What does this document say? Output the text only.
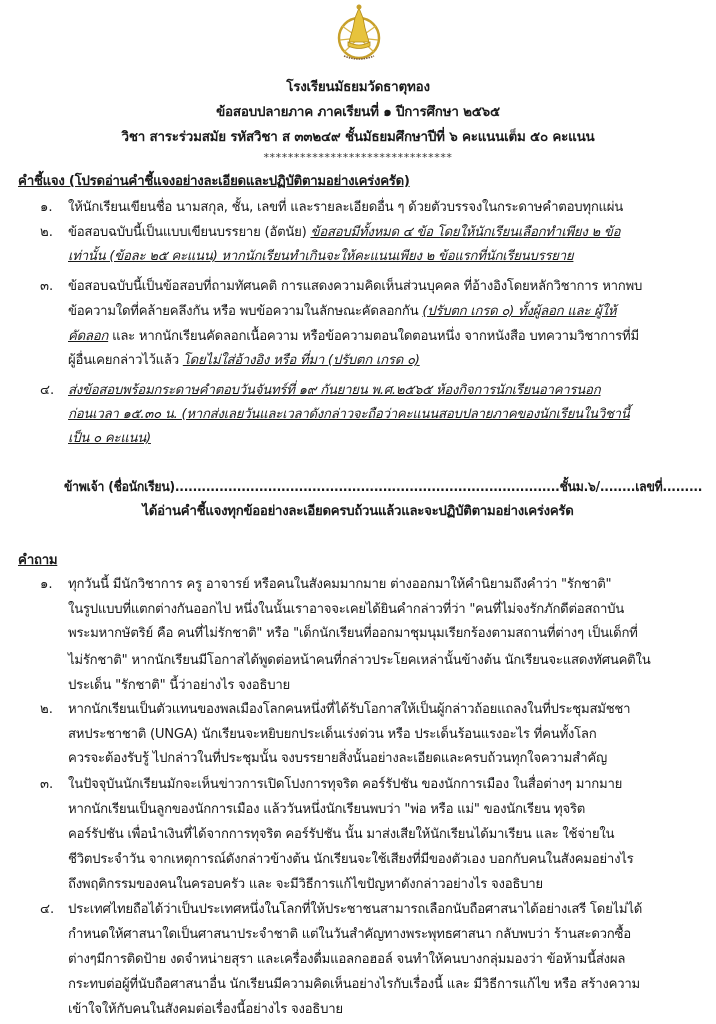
โรงเรียนมัธยมวัดธาตุทอง
ข้อสอบปลายภาค ภาคเรียนที่ ๑ ปีการศึกษา ๒๕๖๕
วิชา สาระร่วมสมัย รหัสวิชา ส ๓๓๒๔๙ ชั้นมัธยมศึกษาปีที่ ๖ คะแนนเต็ม ๕๐ คะแนน
*******************************
คำชี้แจง (โปรดอ่านคำชี้แจงอย่างละเอียดและปฏิบัติตามอย่างเคร่งครัด)
๑. ให้นักเรียนเขียนชื่อ นามสกุล, ชั้น, เลขที่ และรายละเอียดอื่น ๆ ด้วยตัวบรรจงในกระดาษคำตอบทุกแผ่น
๒. ข้อสอบฉบับนี้เป็นแบบเขียนบรรยาย (อัตนัย) ข้อสอบมีทั้งหมด ๔ ข้อ โดยให้นักเรียนเลือกทำเพียง ๒ ข้อ
เท่านั้น (ข้อละ ๒๕ คะแนน) หากนักเรียนทำเกินจะให้คะแนนเพียง ๒ ข้อแรกที่นักเรียนบรรยาย
๓. ข้อสอบฉบับนี้เป็นข้อสอบที่ถามทัศนคติ การแสดงความคิดเห็นส่วนบุคคล ที่อ้างอิงโดยหลักวิชาการ หากพบ
ข้อความใดที่คล้ายคลึงกัน หรือ พบข้อความในลักษณะคัดลอกกัน (ปรับตก เกรด ๐) ทั้งผู้ลอก และ ผู้ให้
คัดลอก และ หากนักเรียนคัดลอกเนื้อความ หรือข้อความตอนใดตอนหนึ่ง จากหนังสือ บทความวิชาการที่มี
ผู้อื่นเคยกล่าวไว้แล้ว โดยไม่ใส่อ้างอิง หรือ ที่มา (ปรับตก เกรด ๐)
๔. ส่งข้อสอบพร้อมกระดาษคำตอบวันจันทร์ที่ ๑๙ กันยายน พ.ศ.๒๕๖๕ ห้องกิจการนักเรียนอาคารนอก
ก่อนเวลา ๑๕.๓๐ น. (หากส่งเลยวันและเวลาดังกล่าวจะถือว่าคะแนนสอบปลายภาคของนักเรียนในวิชานี้
เป็น ๐ คะแนน)
ข้าพเจ้า (ชื่อนักเรียน).......................................................................................ชั้นม.๖/........เลขที่.........
ได้อ่านคำชี้แจงทุกข้ออย่างละเอียดครบถ้วนแล้วและจะปฏิบัติตามอย่างเคร่งครัด
คำถาม
๑. ทุกวันนี้ มีนักวิชาการ ครู อาจารย์ หรือคนในสังคมมากมาย ต่างออกมาให้คำนิยามถึงคำว่า "รักชาติ"
ในรูปแบบที่แตกต่างกันออกไป หนึ่งในนั้นเราอาจจะเคยได้ยินคำกล่าวที่ว่า "คนที่ไม่จงรักภักดีต่อสถาบัน
พระมหากษัตริย์ คือ คนที่ไม่รักชาติ" หรือ "เด็กนักเรียนที่ออกมาชุมนุมเรียกร้องตามสถานที่ต่างๆ เป็นเด็กที่
ไม่รักชาติ" หากนักเรียนมีโอกาสได้พูดต่อหน้าคนที่กล่าวประโยคเหล่านั้นข้างต้น นักเรียนจะแสดงทัศนคติใน
ประเด็น "รักชาติ" นี้ว่าอย่างไร จงอธิบาย
๒. หากนักเรียนเป็นตัวแทนของพลเมืองโลกคนหนึ่งที่ได้รับโอกาสให้เป็นผู้กล่าวถ้อยแถลงในที่ประชุมสมัชชา
สหประชาชาติ (UNGA) นักเรียนจะหยิบยกประเด็นเร่งด่วน หรือ ประเด็นร้อนแรงอะไร ที่คนทั้งโลก
ควรจะต้องรับรู้ ไปกล่าวในที่ประชุมนั้น จงบรรยายสิ่งนั้นอย่างละเอียดและครบถ้วนทุกใจความสำคัญ
๓. ในปัจจุบันนักเรียนมักจะเห็นข่าวการเปิดโปงการทุจริต คอร์รัปชัน ของนักการเมือง ในสื่อต่างๆ มากมาย
หากนักเรียนเป็นลูกของนักการเมือง แล้ววันหนึ่งนักเรียนพบว่า "พ่อ หรือ แม่" ของนักเรียน ทุจริต
คอร์รัปชัน เพื่อนำเงินที่ได้จากการทุจริต คอร์รัปชัน นั้น มาส่งเสียให้นักเรียนได้มาเรียน และ ใช้จ่ายใน
ชีวิตประจำวัน จากเหตุการณ์ดังกล่าวข้างต้น นักเรียนจะใช้เสียงที่มีของตัวเอง บอกกับคนในสังคมอย่างไร
ถึงพฤติกรรมของคนในครอบครัว และ จะมีวิธีการแก้ไขปัญหาดังกล่าวอย่างไร จงอธิบาย
๔. ประเทศไทยถือได้ว่าเป็นประเทศหนึ่งในโลกที่ให้ประชาชนสามารถเลือกนับถือศาสนาได้อย่างเสรี โดยไม่ได้
กำหนดให้ศาสนาใดเป็นศาสนาประจำชาติ แต่ในวันสำคัญทางพระพุทธศาสนา กลับพบว่า ร้านสะดวกซื้อ
ต่างๆมีการติดป้าย งดจำหน่ายสุรา และเครื่องดื่มแอลกอฮอล์ จนทำให้คนบางกลุ่มมองว่า ข้อห้ามนี้ส่งผล
กระทบต่อผู้ที่นับถือศาสนาอื่น นักเรียนมีความคิดเห็นอย่างไรกับเรื่องนี้ และ มีวิธีการแก้ไข หรือ สร้างความ
เข้าใจให้กับคนในสังคมต่อเรื่องนี้อย่างไร จงอธิบาย
